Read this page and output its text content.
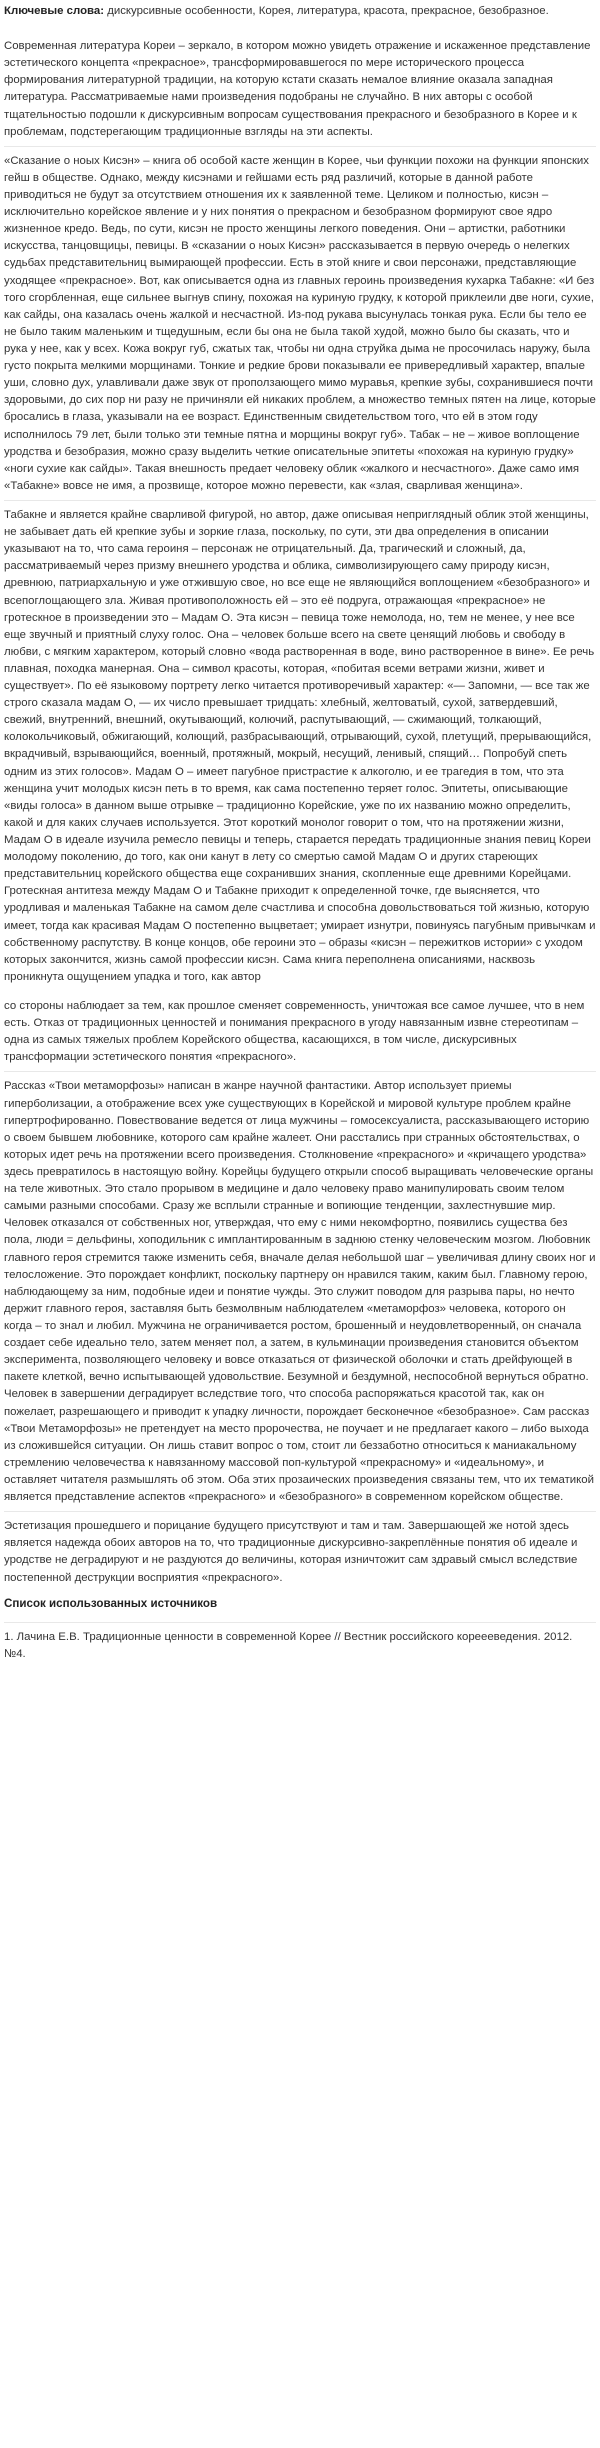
Ключевые слова: дискурсивные особенности, Корея, литература, красота, прекрасное, безобразное.

Современная литература Кореи – зеркало, в котором можно увидеть отражение и искаженное представление эстетического концепта «прекрасное», трансформировавшегося по мере исторического процесса формирования литературной традиции, на которую кстати сказать немалое влияние оказала западная литература. Рассматриваемые нами произведения подобраны не случайно. В них авторы с особой тщательностью подошли к дискурсивным вопросам существования прекрасного и безобразного в Корее и к проблемам, подстерегающим традиционные взгляды на эти аспекты.

«Сказание о ноых Кисэн» – книга об особой касте женщин в Корее, чьи функции похожи на функции японских гейш в обществе. Однако, между кисэнами и гейшами есть ряд различий, которые в данной работе приводиться не будут за отсутствием отношения их к заявленной теме. Целиком и полностью, кисэн – исключительно корейское явление и у них понятия о прекрасном и безобразном формируют свое ядро жизненное кредо. Ведь, по сути, кисэн не просто женщины легкого поведения. Они – артистки, работники искусства, танцовщицы, певицы. В «сказании о ноых Кисэн» рассказывается в первую очередь о нелегких судьбах представительниц вымирающей профессии. Есть в этой книге и свои персонажи, представляющие уходящее «прекрасное». Вот, как описывается одна из главных героинь произведения кухарка Табакне: «И без того сгорбленная, еще сильнее выгнув спину, похожая на куриную грудку, к которой приклеили две ноги, сухие, как сайды, она казалась очень жалкой и несчастной. Из-под рукава высунулась тонкая рука. Если бы тело ее не было таким маленьким и тщедушным, если бы она не была такой худой, можно было бы сказать, что и рука у нее, как у всех. Кожа вокруг губ, сжатых так, чтобы ни одна струйка дыма не просочилась наружу, была густо покрыта мелкими морщинами. Тонкие и редкие брови показывали ее привередливый характер, впалые уши, словно дух, улавливали даже звук от проползающего мимо муравья, крепкие зубы, сохранившиеся почти здоровыми, до сих пор ни разу не причиняли ей никаких проблем, а множество темных пятен на лице, которые бросались в глаза, указывали на ее возраст. Единственным свидетельством того, что ей в этом году исполнилось 79 лет, были только эти темные пятна и морщины вокруг губ». Табак – не – живое воплощение уродства и безобразия, можно сразу выделить четкие описательные эпитеты «похожая на куриную грудку» «ноги сухие как сайды». Такая внешность предает человеку облик «жалкого и несчастного». Даже само имя «Табакне» вовсе не имя, а прозвище, которое можно перевести, как «злая, сварливая женщина».

Табакне и является крайне сварливой фигурой, но автор, даже описывая неприглядный облик этой женщины, не забывает дать ей крепкие зубы и зоркие глаза, поскольку, по сути, эти два определения в описании указывают на то, что сама героиня – персонаж не отрицательный. Да, трагический и сложный, да, рассматриваемый через призму внешнего уродства и облика, символизирующего саму природу кисэн, древнюю, патриархальную и уже отжившую свое, но все еще не являющийся воплощением «безобразного» и всепоглощающего зла. Живая противоположность ей – это её подруга, отражающая «прекрасное» не гротескное в произведении это – Мадам О. Эта кисэн – певица тоже немолода, но, тем не менее, у нее все еще звучный и приятный слуху голос. Она – человек больше всего на свете ценящий любовь и свободу в любви, с мягким характером, который словно «вода растворенная в воде, вино растворенное в вине». Ее речь плавная, походка манерная. Она – символ красоты, которая, «побитая всеми ветрами жизни, живет и существует». По её языковому портрету легко читается противоречивый характер: «— Запомни, — все так же строго сказала мадам О, — их число превышает тридцать: хлебный, желтоватый, сухой, затвердевший, свежий, внутренний, внешний, окутывающий, колючий, распутывающий, — сжимающий, толкающий, колокольчиковый, обжигающий, колющий, разбрасывающий, отрывающий, сухой, плетущий, прерывающийся, вкрадчивый, взрывающийся, военный, протяжный, мокрый, несущий, ленивый, спящий… Попробуй спеть одним из этих голосов». Мадам О – имеет пагубное пристрастие к алкоголю, и ее трагедия в том, что эта женщина учит молодых кисэн петь в то время, как сама постепенно теряет голос. Эпитеты, описывающие «виды голоса» в данном выше отрывке – традиционно Корейские, уже по их названию можно определить, какой и для каких случаев используется. Этот короткий монолог говорит о том, что на протяжении жизни, Мадам О в идеале изучила ремесло певицы и теперь, старается передать традиционные знания певиц Кореи молодому поколению, до того, как они канут в лету со смертью самой Мадам О и других стареющих представительниц корейского общества еще сохранивших знания, скопленные еще древними Корейцами. Гротескная антитеза между Мадам О и Табакне приходит к определенной точке, где выясняется, что уродливая и маленькая Табакне на самом деле счастлива и способна довольствоваться той жизнью, которую имеет, тогда как красивая Мадам О постепенно выцветает; умирает изнутри, повинуясь пагубным привычкам и собственному распутству. В конце концов, обе героини это – образы «кисэн – пережитков истории» с уходом которых закончится, жизнь самой профессии кисэн. Сама книга переполнена описаниями, насквозь проникнута ощущением упадка и того, как автор

со стороны наблюдает за тем, как прошлое сменяет современность, уничтожая все самое лучшее, что в нем есть. Отказ от традиционных ценностей и понимания прекрасного в угоду навязанным извне стереотипам – одна из самых тяжелых проблем Корейского общества, касающихся, в том числе, дискурсивных трансформации эстетического понятия «прекрасного».

Рассказ «Твои метаморфозы» написан в жанре научной фантастики. Автор использует приемы гиперболизации, а отображение всех уже существующих в Корейской и мировой культуре проблем крайне гипертрофированно. Повествование ведется от лица мужчины – гомосексуалиста, рассказывающего историю о своем бывшем любовнике, которого сам крайне жалеет. Они расстались при странных обстоятельствах, о которых идет речь на протяжении всего произведения. Столкновение «прекрасного» и «кричащего уродства» здесь превратилось в настоящую войну. Корейцы будущего открыли способ выращивать человеческие органы на теле животных. Это стало прорывом в медицине и дало человеку право манипулировать своим телом самыми разными способами. Сразу же всплыли странные и вопиющие тенденции, захлестнувшие мир. Человек отказался от собственных ног, утверждая, что ему с ними некомфортно, появились существа без пола, люди = дельфины, хоподильник с имплантированным в заднюю стенку человеческим мозгом. Любовник главного героя стремится также изменить себя, вначале делая небольшой шаг – увеличивая длину своих ног и телосложение. Это порождает конфликт, поскольку партнеру он нравился таким, каким был. Главному герою, наблюдающему за ним, подобные идеи и понятие чужды. Это служит поводом для разрыва пары, но нечто держит главного героя, заставляя быть безмолвным наблюдателем «метаморфоз» человека, которого он когда – то знал и любил. Мужчина не ограничивается ростом, брошенный и неудовлетворенный, он сначала создает себе идеально тело, затем меняет пол, а затем, в кульминации произведения становится объектом эксперимента, позволяющего человеку и вовсе отказаться от физической оболочки и стать дрейфующей в пакете клеткой, вечно испытывающей удовольствие. Безумной и бездумной, неспособной вернуться обратно. Человек в завершении деградирует вследствие того, что способа распоряжаться красотой так, как он пожелает, разрешающего и приводит к упадку личности, порождает бесконечное «безобразное». Сам рассказ «Твои Метаморфозы» не претендует на место пророчества, не поучает и не предлагает какого – либо выхода из сложившейся ситуации. Он лишь ставит вопрос о том, стоит ли беззаботно относиться к маниакальному стремлению человечества к навязанному массовой поп-культурой «прекрасному» и «идеальному», и оставляет читателя размышлять об этом. Оба этих прозаических произведения связаны тем, что их тематикой является представление аспектов «прекрасного» и «безобразного» в современном корейском обществе.

Эстетизация прошедшего и порицание будущего присутствуют и там и там. Завершающей же нотой здесь является надежда обоих авторов на то, что традиционные дискурсивно-закреплённые понятия об идеале и уродстве не деградируют и не раздуются до величины, которая изничтожит сам здравый смысл вследствие постепенной деструкции восприятия «прекрасного».

Список использованных источников
1. Лачина Е.В. Традиционные ценности в современной Корее // Вестник российского кореееведения. 2012. №4.
